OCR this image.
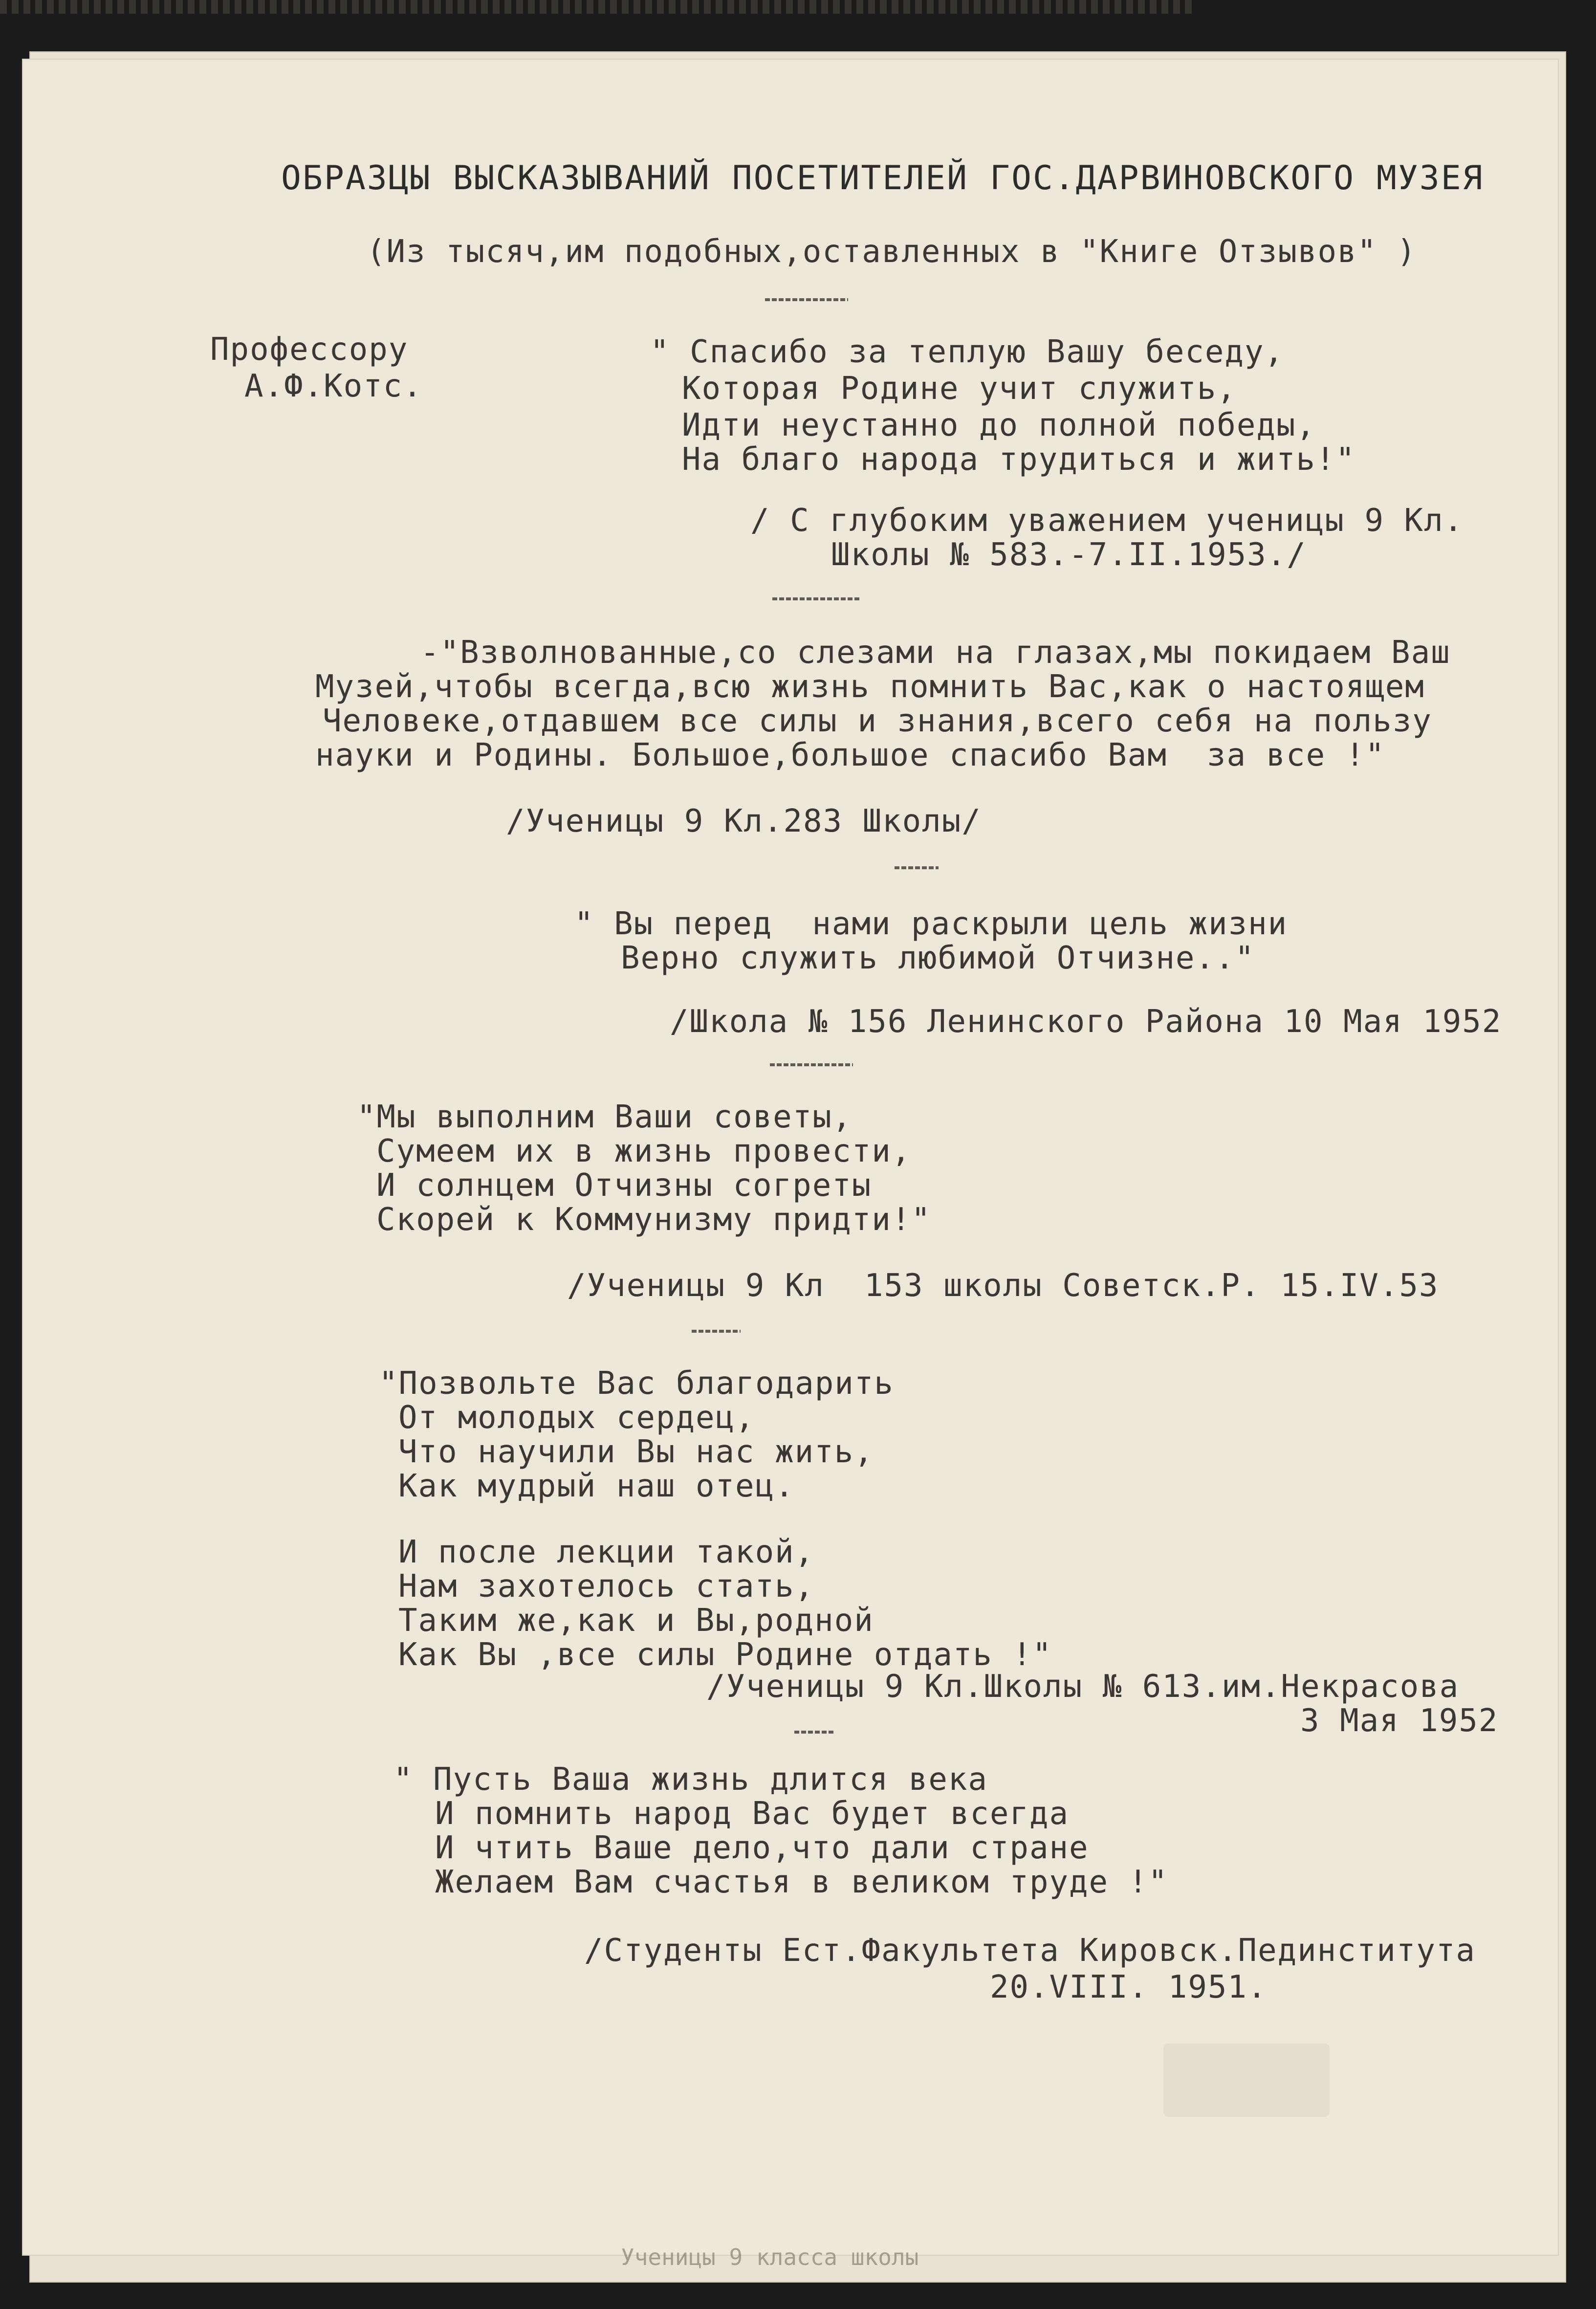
ОБРАЗЦЫ ВЫСКАЗЫВАНИЙ ПОСЕТИТЕЛЕЙ ГОС.ДАРВИНОВСКОГО МУЗЕЯ
(Из тысяч,им подобных,оставленных в "Книге Отзывов" )
Профессору
А.Ф.Котс.
" Спасибо за теплую Вашу беседу,
Которая Родине учит служить,
Идти неустанно до полной победы,
На благо народа трудиться и жить!"
/ С глубоким уважением ученицы 9 Кл.
Школы № 583.-7.II.1953./
-"Взволнованные,со слезами на глазах,мы покидаем Ваш
Музей,чтобы всегда,всю жизнь помнить Вас,как о настоящем
Человеке,отдавшем все силы и знания,всего себя на пользу
науки и Родины. Большое,большое спасибо Вам  за все !"
/Ученицы 9 Кл.283 Школы/
" Вы перед  нами раскрыли цель жизни
Верно служить любимой Отчизне.."
/Школа № 156 Ленинского Района 10 Мая 1952
"Мы выполним Ваши советы,
Сумеем их в жизнь провести,
И солнцем Отчизны согреты
Скорей к Коммунизму придти!"
/Ученицы 9 Кл  153 школы Советск.Р. 15.IV.53
"Позвольте Вас благодарить
От молодых сердец,
Что научили Вы нас жить,
Как мудрый наш отец.
И после лекции такой,
Нам захотелось стать,
Таким же,как и Вы,родной
Как Вы ,все силы Родине отдать !"
/Ученицы 9 Кл.Школы № 613.им.Некрасова
3 Мая 1952
" Пусть Ваша жизнь длится века
И помнить народ Вас будет всегда
И чтить Ваше дело,что дали стране
Желаем Вам счастья в великом труде !"
/Студенты Ест.Факультета Кировск.Пединститута
20.VIII. 1951.
Ученицы 9 класса школы
